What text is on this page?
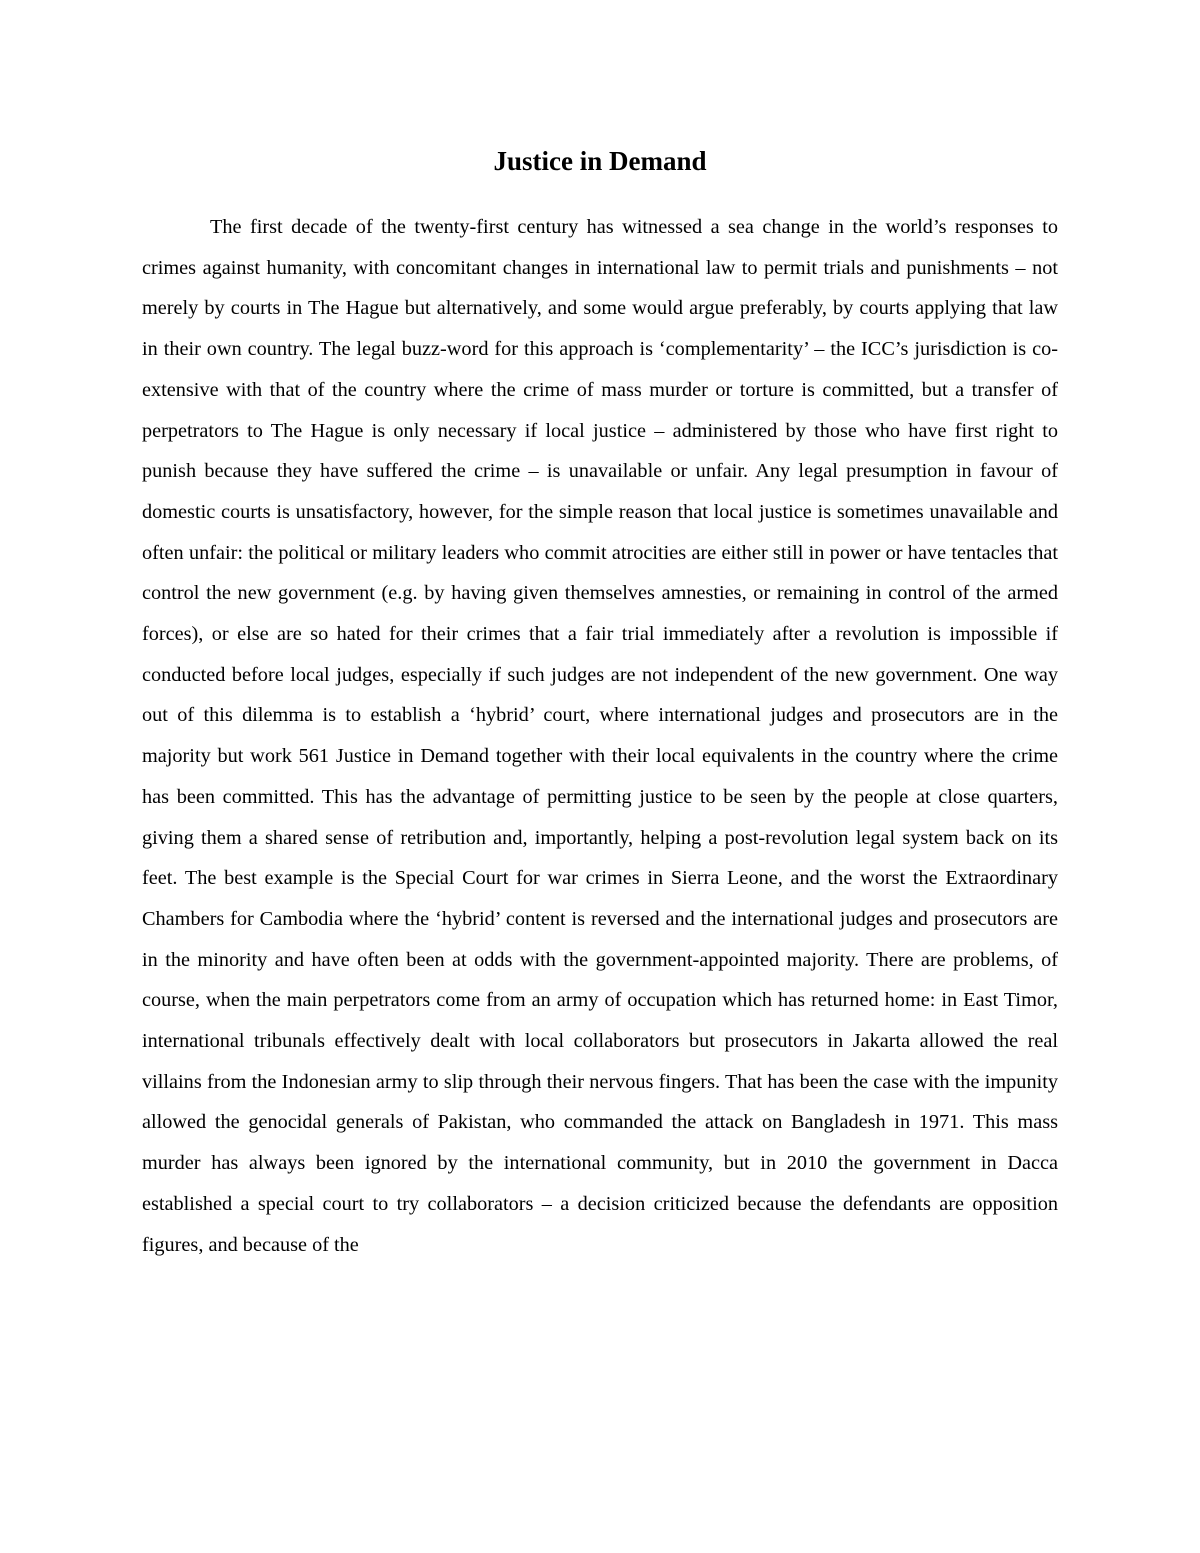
Justice in Demand

The first decade of the twenty-first century has witnessed a sea change in the world’s responses to crimes against humanity, with concomitant changes in international law to permit trials and punishments – not merely by courts in The Hague but alternatively, and some would argue preferably, by courts applying that law in their own country. The legal buzz-word for this approach is ‘complementarity’ – the ICC’s jurisdiction is co-extensive with that of the country where the crime of mass murder or torture is committed, but a transfer of perpetrators to The Hague is only necessary if local justice – administered by those who have first right to punish because they have suffered the crime – is unavailable or unfair. Any legal presumption in favour of domestic courts is unsatisfactory, however, for the simple reason that local justice is sometimes unavailable and often unfair: the political or military leaders who commit atrocities are either still in power or have tentacles that control the new government (e.g. by having given themselves amnesties, or remaining in control of the armed forces), or else are so hated for their crimes that a fair trial immediately after a revolution is impossible if conducted before local judges, especially if such judges are not independent of the new government. One way out of this dilemma is to establish a ‘hybrid’ court, where international judges and prosecutors are in the majority but work 561 Justice in Demand together with their local equivalents in the country where the crime has been committed. This has the advantage of permitting justice to be seen by the people at close quarters, giving them a shared sense of retribution and, importantly, helping a post-revolution legal system back on its feet. The best example is the Special Court for war crimes in Sierra Leone, and the worst the Extraordinary Chambers for Cambodia where the ‘hybrid’ content is reversed and the international judges and prosecutors are in the minority and have often been at odds with the government-appointed majority. There are problems, of course, when the main perpetrators come from an army of occupation which has returned home: in East Timor, international tribunals effectively dealt with local collaborators but prosecutors in Jakarta allowed the real villains from the Indonesian army to slip through their nervous fingers. That has been the case with the impunity allowed the genocidal generals of Pakistan, who commanded the attack on Bangladesh in 1971. This mass murder has always been ignored by the international community, but in 2010 the government in Dacca established a special court to try collaborators – a decision criticized because the defendants are opposition figures, and because of the
